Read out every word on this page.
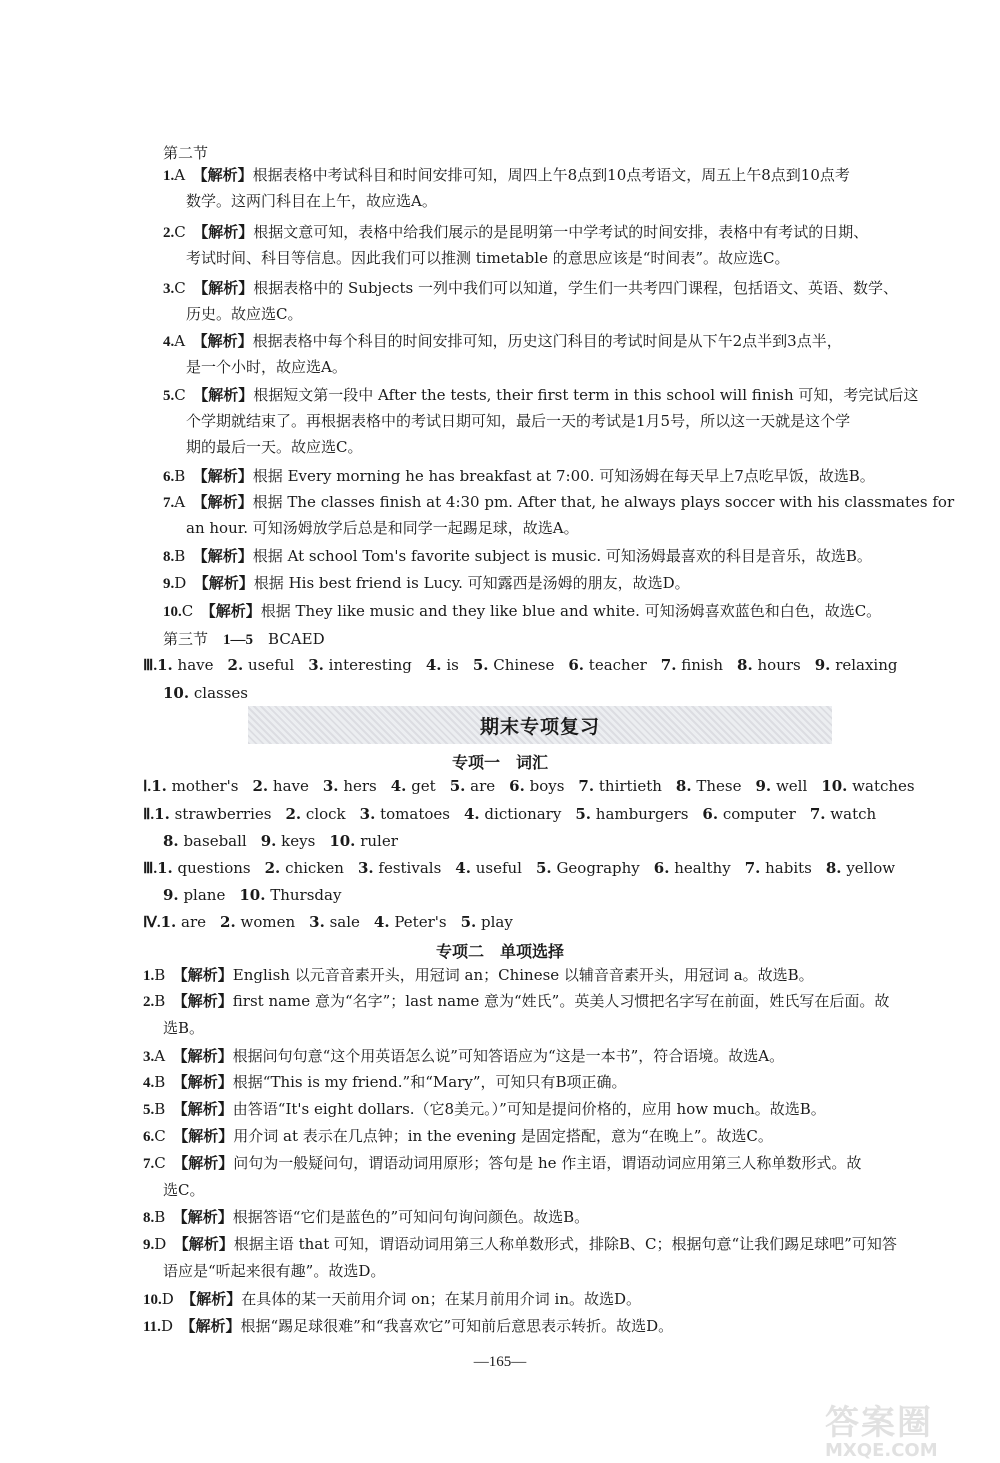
期末专项复习
—165—
答案圈
MXQE.COM
第二节
1.A  【解析】根据表格中考试科目和时间安排可知，周四上午8点到10点考语文，周五上午8点到10点考
数学。这两门科目在上午，故应选A。
2.C  【解析】根据文意可知，表格中给我们展示的是昆明第一中学考试的时间安排，表格中有考试的日期、
考试时间、科目等信息。因此我们可以推测 timetable 的意思应该是“时间表”。故应选C。
3.C  【解析】根据表格中的 Subjects 一列中我们可以知道，学生们一共考四门课程，包括语文、英语、数学、
历史。故应选C。
4.A  【解析】根据表格中每个科目的时间安排可知，历史这门科目的考试时间是从下午2点半到3点半，
是一个小时，故应选A。
5.C  【解析】根据短文第一段中 After the tests, their first term in this school will finish 可知，考完试后这
个学期就结束了。再根据表格中的考试日期可知，最后一天的考试是1月5号，所以这一天就是这个学
期的最后一天。故应选C。
6.B  【解析】根据 Every morning he has breakfast at 7:00. 可知汤姆在每天早上7点吃早饭，故选B。
7.A  【解析】根据 The classes finish at 4:30 pm. After that, he always plays soccer with his classmates for
an hour. 可知汤姆放学后总是和同学一起踢足球，故选A。
8.B  【解析】根据 At school Tom's favorite subject is music. 可知汤姆最喜欢的科目是音乐，故选B。
9.D  【解析】根据 His best friend is Lucy. 可知露西是汤姆的朋友，故选D。
10.C  【解析】根据 They like music and they like blue and white. 可知汤姆喜欢蓝色和白色，故选C。
第三节  1—5  BCAED
Ⅲ.1. have 2. useful 3. interesting 4. is 5. Chinese 6. teacher 7. finish 8. hours 9. relaxing
10. classes
专项一　词汇
Ⅰ.1. mother's 2. have 3. hers 4. get 5. are 6. boys 7. thirtieth 8. These 9. well 10. watches
Ⅱ.1. strawberries 2. clock 3. tomatoes 4. dictionary 5. hamburgers 6. computer 7. watch
8. baseball 9. keys 10. ruler
Ⅲ.1. questions 2. chicken 3. festivals 4. useful 5. Geography 6. healthy 7. habits 8. yellow
9. plane 10. Thursday
Ⅳ.1. are 2. women 3. sale 4. Peter's 5. play
专项二　单项选择
1.B  【解析】English 以元音音素开头，用冠词 an；Chinese 以辅音音素开头，用冠词 a。故选B。
2.B  【解析】first name 意为“名字”；last name 意为“姓氏”。英美人习惯把名字写在前面，姓氏写在后面。故
选B。
3.A  【解析】根据问句句意“这个用英语怎么说”可知答语应为“这是一本书”，符合语境。故选A。
4.B  【解析】根据“This is my friend.”和“Mary”，可知只有B项正确。
5.B  【解析】由答语“It's eight dollars.（它8美元。）”可知是提问价格的，应用 how much。故选B。
6.C  【解析】用介词 at 表示在几点钟；in the evening 是固定搭配，意为“在晚上”。故选C。
7.C  【解析】问句为一般疑问句，谓语动词用原形；答句是 he 作主语，谓语动词应用第三人称单数形式。故
选C。
8.B  【解析】根据答语“它们是蓝色的”可知问句询问颜色。故选B。
9.D  【解析】根据主语 that 可知，谓语动词用第三人称单数形式，排除B、C；根据句意“让我们踢足球吧”可知答
语应是“听起来很有趣”。故选D。
10.D  【解析】在具体的某一天前用介词 on；在某月前用介词 in。故选D。
11.D  【解析】根据“踢足球很难”和“我喜欢它”可知前后意思表示转折。故选D。
